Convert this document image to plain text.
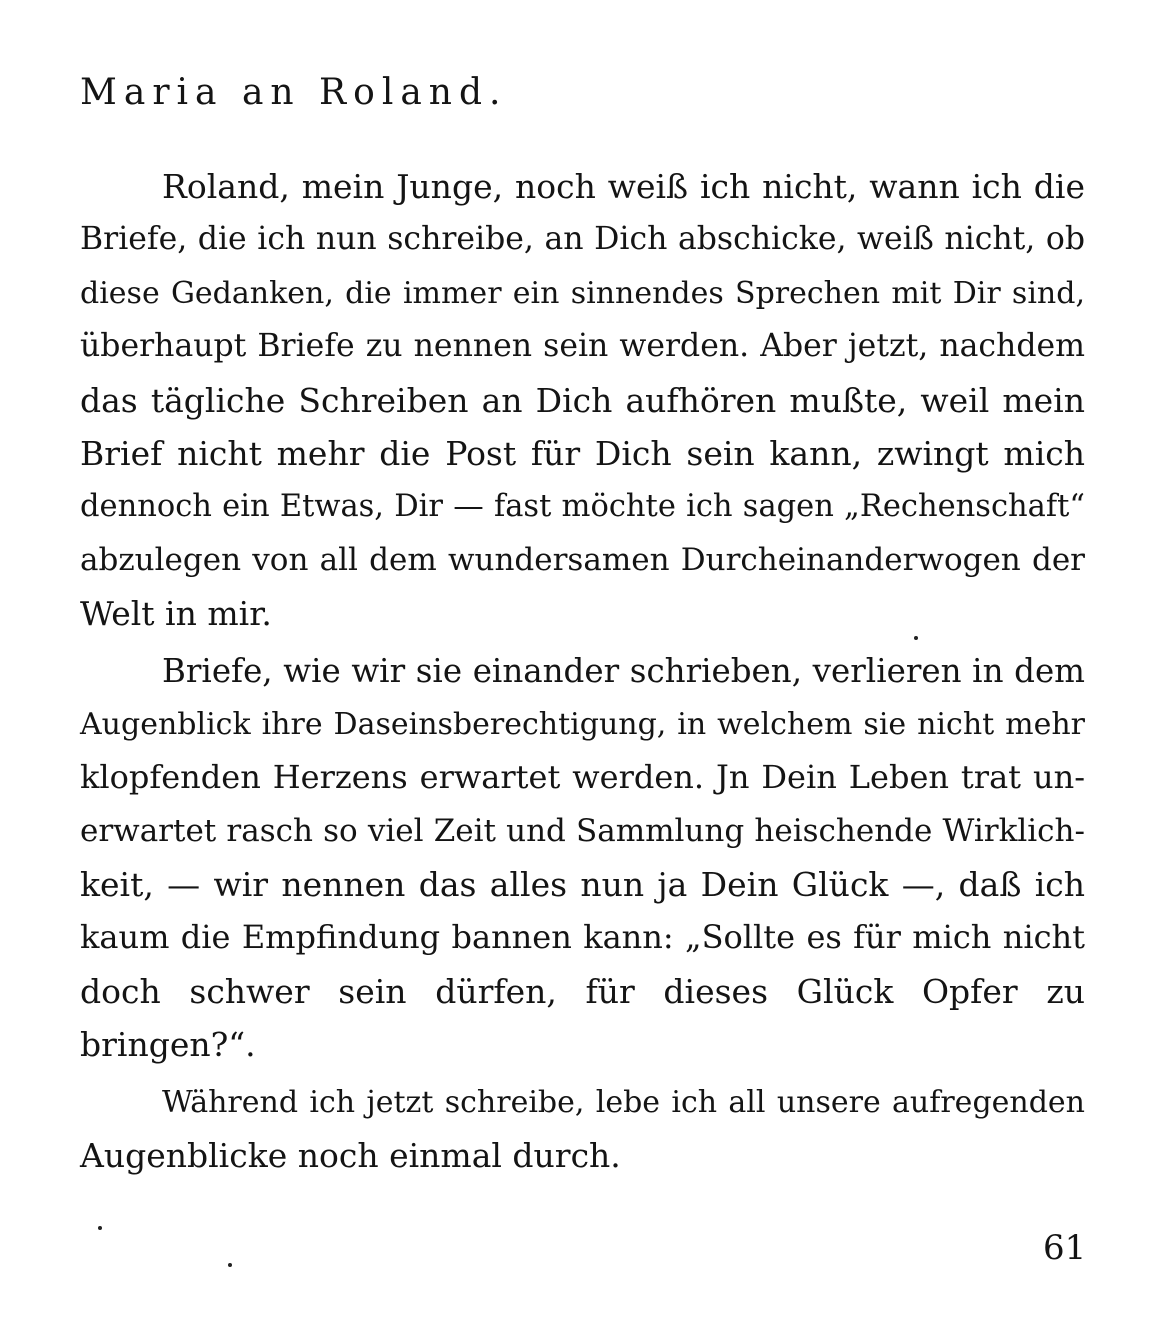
Maria an Roland.
Roland, mein Junge, noch weiß ich nicht, wann ich die
Briefe, die ich nun schreibe, an Dich abschicke, weiß nicht, ob
diese Gedanken, die immer ein sinnendes Sprechen mit Dir sind,
überhaupt Briefe zu nennen sein werden. Aber jetzt, nachdem
das tägliche Schreiben an Dich aufhören mußte, weil mein
Brief nicht mehr die Post für Dich sein kann, zwingt mich
dennoch ein Etwas, Dir — fast möchte ich sagen „Rechenschaft“
abzulegen von all dem wundersamen Durcheinanderwogen der
Welt in mir.
Briefe, wie wir sie einander schrieben, verlieren in dem
Augenblick ihre Daseinsberechtigung, in welchem sie nicht mehr
klopfenden Herzens erwartet werden. Jn Dein Leben trat un-
erwartet rasch so viel Zeit und Sammlung heischende Wirklich-
keit, — wir nennen das alles nun ja Dein Glück —, daß ich
kaum die Empfindung bannen kann: „Sollte es für mich nicht
doch schwer sein dürfen, für dieses Glück Opfer zu
bringen?“.
Während ich jetzt schreibe, lebe ich all unsere aufregenden
Augenblicke noch einmal durch.
61
